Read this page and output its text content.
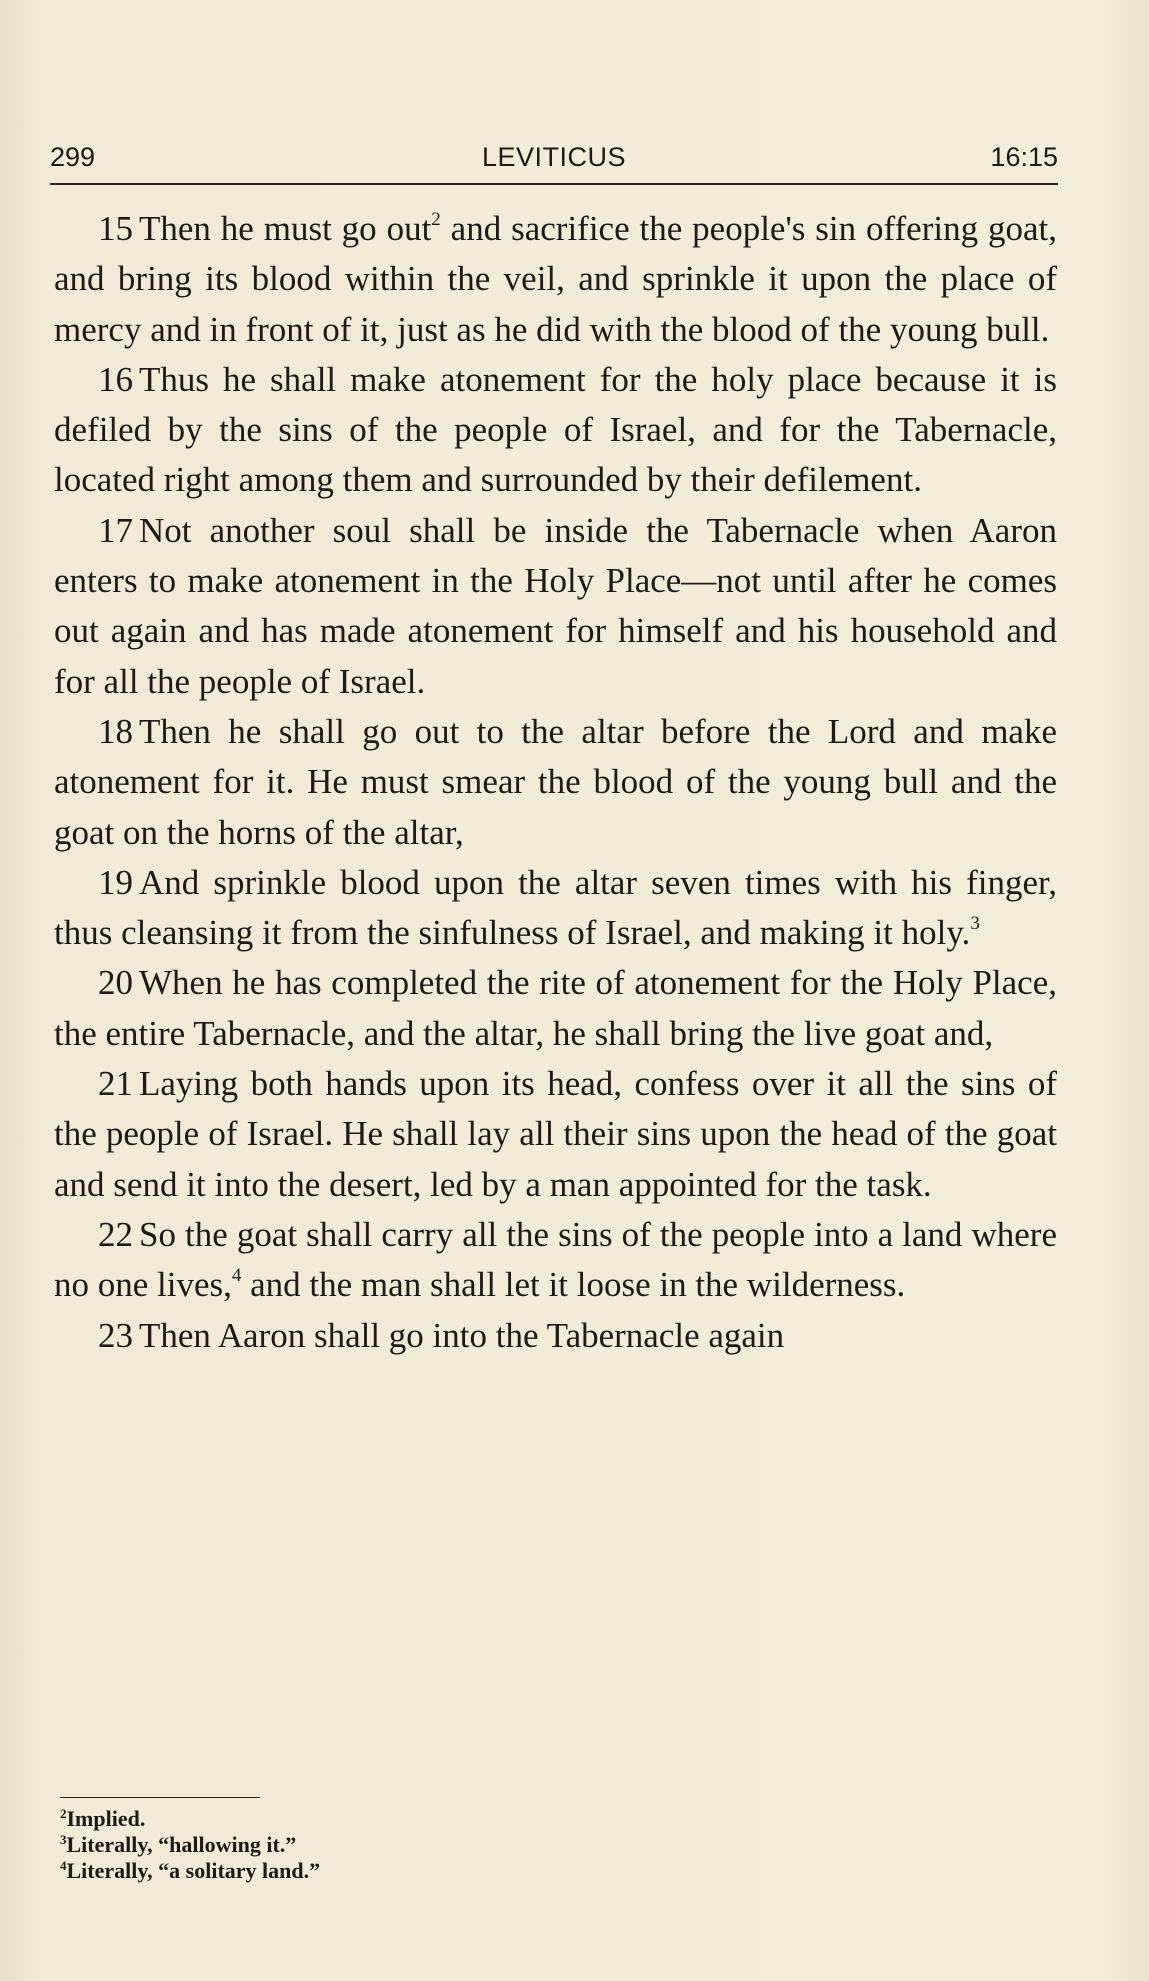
299	LEVITICUS	16:15

15 Then he must go out$^2$ and sacrifice the people's sin offering goat, and bring its blood within the veil, and sprinkle it upon the place of mercy and in front of it, just as he did with the blood of the young bull.

16 Thus he shall make atonement for the holy place because it is defiled by the sins of the people of Israel, and for the Tabernacle, located right among them and surrounded by their defilement.

17 Not another soul shall be inside the Tabernacle when Aaron enters to make atonement in the Holy Place—not until after he comes out again and has made atonement for himself and his household and for all the people of Israel.

18 Then he shall go out to the altar before the Lord and make atonement for it. He must smear the blood of the young bull and the goat on the horns of the altar,

19 And sprinkle blood upon the altar seven times with his finger, thus cleansing it from the sinfulness of Israel, and making it holy.$^3$

20 When he has completed the rite of atonement for the Holy Place, the entire Tabernacle, and the altar, he shall bring the live goat and,

21 Laying both hands upon its head, confess over it all the sins of the people of Israel. He shall lay all their sins upon the head of the goat and send it into the desert, led by a man appointed for the task.

22 So the goat shall carry all the sins of the people into a land where no one lives,$^4$ and the man shall let it loose in the wilderness.

23 Then Aaron shall go into the Tabernacle again

$^2$Implied.

$^3$Literally, “hallowing it.”

$^4$Literally, “a solitary land.”
